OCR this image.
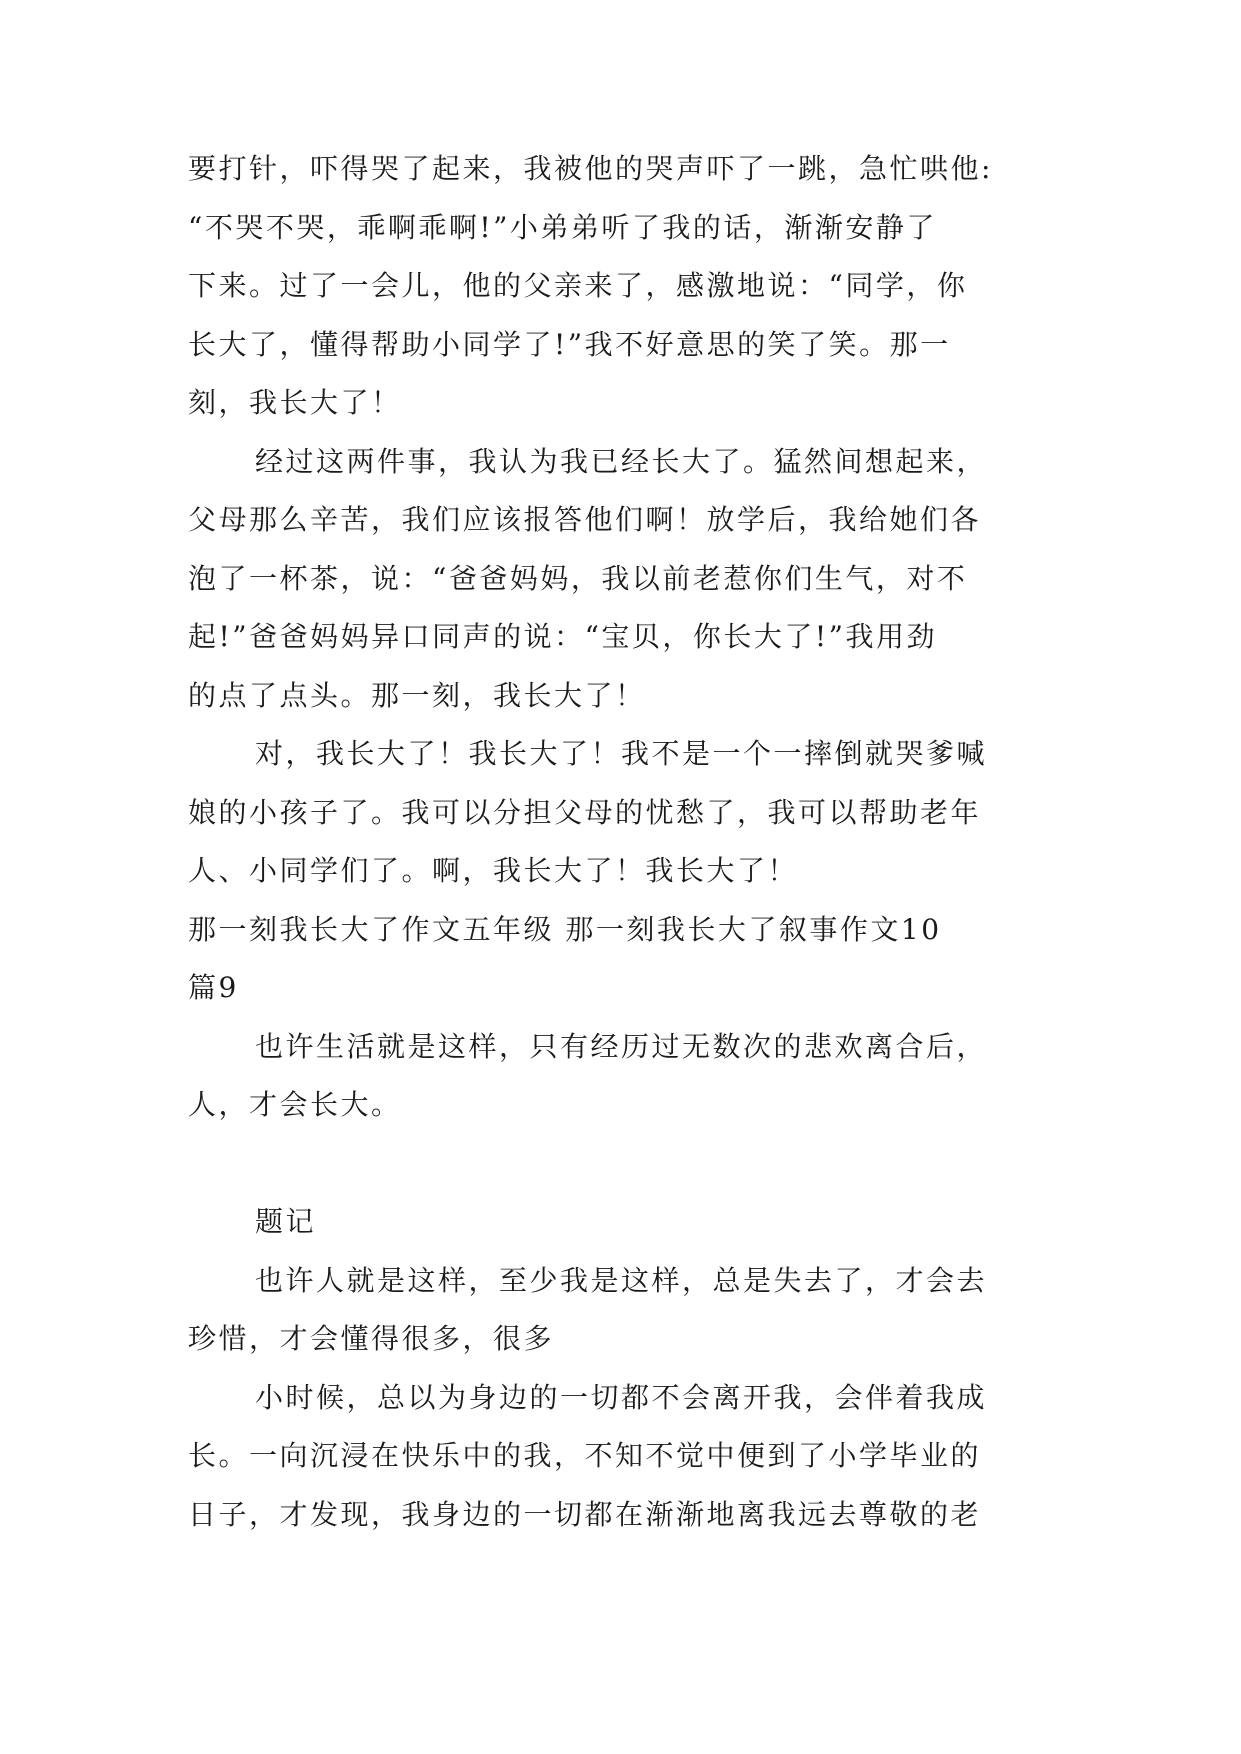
要打针，吓得哭了起来，我被他的哭声吓了一跳，急忙哄他:
“不哭不哭，乖啊乖啊!”小弟弟听了我的话，渐渐安静了
下来。过了一会儿，他的父亲来了，感激地说：“同学，你
长大了，懂得帮助小同学了!”我不好意思的笑了笑。那一
刻，我长大了！
经过这两件事，我认为我已经长大了。猛然间想起来，
父母那么辛苦，我们应该报答他们啊！放学后，我给她们各
泡了一杯茶，说：“爸爸妈妈，我以前老惹你们生气，对不
起!”爸爸妈妈异口同声的说：“宝贝，你长大了!”我用劲
的点了点头。那一刻，我长大了！
对，我长大了！我长大了！我不是一个一摔倒就哭爹喊
娘的小孩子了。我可以分担父母的忧愁了，我可以帮助老年
人、小同学们了。啊，我长大了！我长大了！
那一刻我长大了作文五年级 那一刻我长大了叙事作文10
篇9
也许生活就是这样，只有经历过无数次的悲欢离合后，
人，才会长大。
题记
也许人就是这样，至少我是这样，总是失去了，才会去
珍惜，才会懂得很多，很多
小时候，总以为身边的一切都不会离开我，会伴着我成
长。一向沉浸在快乐中的我，不知不觉中便到了小学毕业的
日子，才发现，我身边的一切都在渐渐地离我远去尊敬的老
